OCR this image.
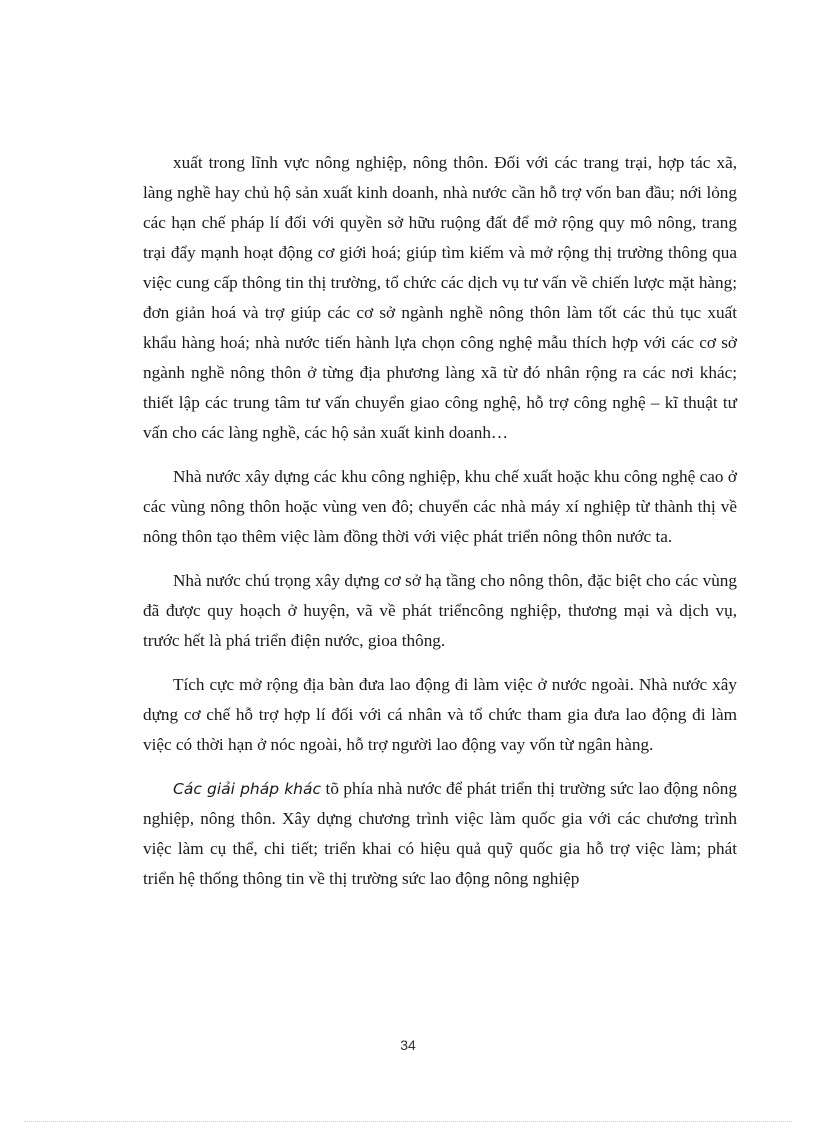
xuất trong lĩnh vực nông nghiệp, nông thôn. Đối với các trang trại, hợp tác xã, làng nghề hay chủ hộ sản xuất kinh doanh, nhà nước cần hỗ trợ vốn ban đầu; nới lỏng các hạn chế pháp lí đối với quyền sở hữu ruộng đất để mở rộng quy mô nông, trang trại đẩy mạnh hoạt động cơ giới hoá; giúp tìm kiếm và mở rộng thị trường thông qua việc cung cấp thông tin thị trường, tổ chức các dịch vụ tư vấn về chiến lược mặt hàng; đơn giản hoá và trợ giúp các cơ sở ngành nghề nông thôn làm tốt các thủ tục xuất khẩu hàng hoá; nhà nước tiến hành lựa chọn công nghệ mẫu thích hợp với các cơ sở ngành nghề nông thôn ở từng địa phương làng xã từ đó nhân rộng ra các nơi khác; thiết lập các trung tâm tư vấn chuyển giao công nghệ, hỗ trợ công nghệ – kĩ thuật tư vấn cho các làng nghề, các hộ sản xuất kinh doanh…

Nhà nước xây dựng các khu công nghiệp, khu chế xuất hoặc khu công nghệ cao ở các vùng nông thôn hoặc vùng ven đô; chuyển các nhà máy xí nghiệp từ thành thị về nông thôn tạo thêm việc làm đồng thời với việc phát triển nông thôn nước ta.

Nhà nước chú trọng xây dựng cơ sở hạ tầng cho nông thôn, đặc biệt cho các vùng đã được quy hoạch ở huyện, vã về phát triểncông nghiệp, thương mại và dịch vụ, trước hết là phá triển điện nước, gioa thông.

Tích cực mở rộng địa bàn đưa lao động đi làm việc ở nước ngoài. Nhà nước xây dựng cơ chế hỗ trợ hợp lí đối với cá nhân và tổ chức tham gia đưa lao động đi làm việc có thời hạn ở nóc ngoài, hỗ trợ người lao động vay vốn từ ngân hàng.

Các giải pháp khác tõ phía nhà nước để phát triển thị trường sức lao động nông nghiệp, nông thôn. Xây dựng chương trình việc làm quốc gia với các chương trình việc làm cụ thể, chi tiết; triển khai có hiệu quả quỹ quốc gia hỗ trợ việc làm; phát triển hệ thống thông tin về thị trường sức lao động nông nghiệp

34
